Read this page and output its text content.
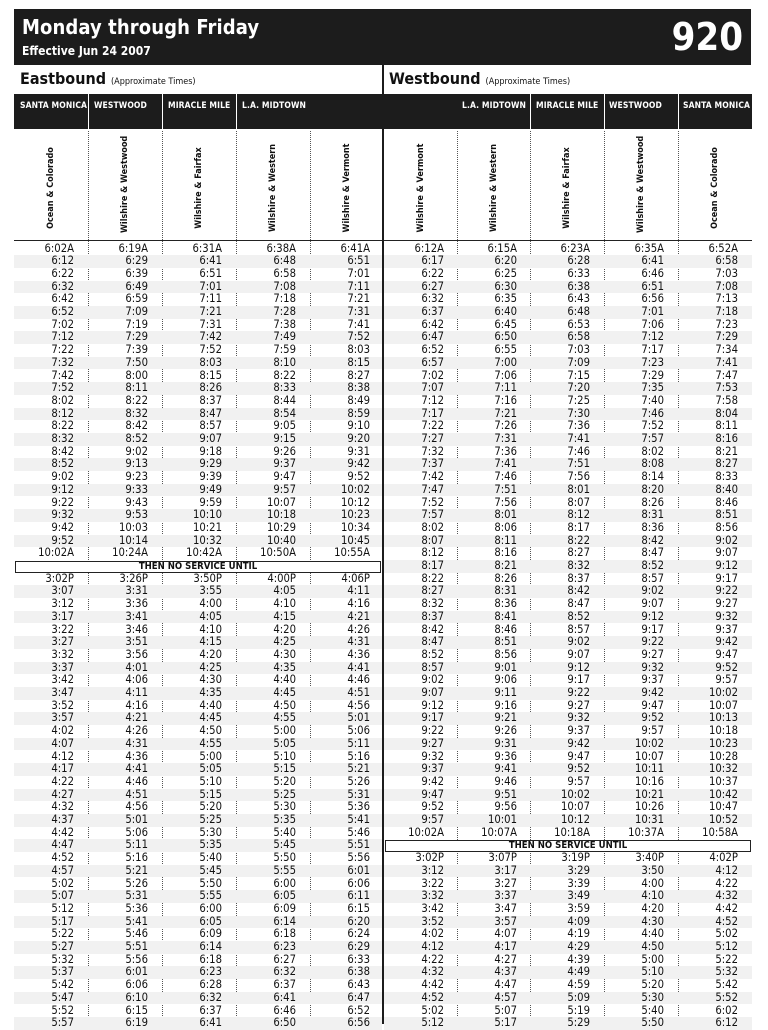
Monday through Friday
Effective Jun 24 2007	920
Eastbound (Approximate Times)	Westbound (Approximate Times)
SANTA MONICA WESTWOOD MIRACLE MILE L.A. MIDTOWN
Ocean & Colorado	Wilshire & Westwood	Wilshire & Fairfax	Wilshire & Western	Wilshire & Vermont
6:02A	6:19A	6:31A	6:38A	6:41A
6:12	6:29	6:41	6:48	6:51
6:22	6:39	6:51	6:58	7:01
6:32	6:49	7:01	7:08	7:11
6:42	6:59	7:11	7:18	7:21
6:52	7:09	7:21	7:28	7:31
7:02	7:19	7:31	7:38	7:41
7:12	7:29	7:42	7:49	7:52
7:22	7:39	7:52	7:59	8:03
7:32	7:50	8:03	8:10	8:15
7:42	8:00	8:15	8:22	8:27
7:52	8:11	8:26	8:33	8:38
8:02	8:22	8:37	8:44	8:49
8:12	8:32	8:47	8:54	8:59
8:22	8:42	8:57	9:05	9:10
8:32	8:52	9:07	9:15	9:20
8:42	9:02	9:18	9:26	9:31
8:52	9:13	9:29	9:37	9:42
9:02	9:23	9:39	9:47	9:52
9:12	9:33	9:49	9:57	10:02
9:22	9:43	9:59	10:07	10:12
9:32	9:53	10:10	10:18	10:23
9:42	10:03	10:21	10:29	10:34
9:52	10:14	10:32	10:40	10:45
10:02A	10:24A	10:42A	10:50A	10:55A
THEN NO SERVICE UNTIL
3:02P	3:26P	3:50P	4:00P	4:06P
3:07	3:31	3:55	4:05	4:11
3:12	3:36	4:00	4:10	4:16
3:17	3:41	4:05	4:15	4:21
3:22	3:46	4:10	4:20	4:26
3:27	3:51	4:15	4:25	4:31
3:32	3:56	4:20	4:30	4:36
3:37	4:01	4:25	4:35	4:41
3:42	4:06	4:30	4:40	4:46
3:47	4:11	4:35	4:45	4:51
3:52	4:16	4:40	4:50	4:56
3:57	4:21	4:45	4:55	5:01
4:02	4:26	4:50	5:00	5:06
4:07	4:31	4:55	5:05	5:11
4:12	4:36	5:00	5:10	5:16
4:17	4:41	5:05	5:15	5:21
4:22	4:46	5:10	5:20	5:26
4:27	4:51	5:15	5:25	5:31
4:32	4:56	5:20	5:30	5:36
4:37	5:01	5:25	5:35	5:41
4:42	5:06	5:30	5:40	5:46
4:47	5:11	5:35	5:45	5:51
4:52	5:16	5:40	5:50	5:56
4:57	5:21	5:45	5:55	6:01
5:02	5:26	5:50	6:00	6:06
5:07	5:31	5:55	6:05	6:11
5:12	5:36	6:00	6:09	6:15
5:17	5:41	6:05	6:14	6:20
5:22	5:46	6:09	6:18	6:24
5:27	5:51	6:14	6:23	6:29
5:32	5:56	6:18	6:27	6:33
5:37	6:01	6:23	6:32	6:38
5:42	6:06	6:28	6:37	6:43
5:47	6:10	6:32	6:41	6:47
5:52	6:15	6:37	6:46	6:52
5:57	6:19	6:41	6:50	6:56
L.A. MIDTOWN MIRACLE MILE WESTWOOD SANTA MONICA
Wilshire & Vermont	Wilshire & Western	Wilshire & Fairfax	Wilshire & Westwood	Ocean & Colorado
6:12A	6:15A	6:23A	6:35A	6:52A
6:17	6:20	6:28	6:41	6:58
6:22	6:25	6:33	6:46	7:03
6:27	6:30	6:38	6:51	7:08
6:32	6:35	6:43	6:56	7:13
6:37	6:40	6:48	7:01	7:18
6:42	6:45	6:53	7:06	7:23
6:47	6:50	6:58	7:12	7:29
6:52	6:55	7:03	7:17	7:34
6:57	7:00	7:09	7:23	7:41
7:02	7:06	7:15	7:29	7:47
7:07	7:11	7:20	7:35	7:53
7:12	7:16	7:25	7:40	7:58
7:17	7:21	7:30	7:46	8:04
7:22	7:26	7:36	7:52	8:11
7:27	7:31	7:41	7:57	8:16
7:32	7:36	7:46	8:02	8:21
7:37	7:41	7:51	8:08	8:27
7:42	7:46	7:56	8:14	8:33
7:47	7:51	8:01	8:20	8:40
7:52	7:56	8:07	8:26	8:46
7:57	8:01	8:12	8:31	8:51
8:02	8:06	8:17	8:36	8:56
8:07	8:11	8:22	8:42	9:02
8:12	8:16	8:27	8:47	9:07
8:17	8:21	8:32	8:52	9:12
8:22	8:26	8:37	8:57	9:17
8:27	8:31	8:42	9:02	9:22
8:32	8:36	8:47	9:07	9:27
8:37	8:41	8:52	9:12	9:32
8:42	8:46	8:57	9:17	9:37
8:47	8:51	9:02	9:22	9:42
8:52	8:56	9:07	9:27	9:47
8:57	9:01	9:12	9:32	9:52
9:02	9:06	9:17	9:37	9:57
9:07	9:11	9:22	9:42	10:02
9:12	9:16	9:27	9:47	10:07
9:17	9:21	9:32	9:52	10:13
9:22	9:26	9:37	9:57	10:18
9:27	9:31	9:42	10:02	10:23
9:32	9:36	9:47	10:07	10:28
9:37	9:41	9:52	10:11	10:32
9:42	9:46	9:57	10:16	10:37
9:47	9:51	10:02	10:21	10:42
9:52	9:56	10:07	10:26	10:47
9:57	10:01	10:12	10:31	10:52
10:02A	10:07A	10:18A	10:37A	10:58A
THEN NO SERVICE UNTIL
3:02P	3:07P	3:19P	3:40P	4:02P
3:12	3:17	3:29	3:50	4:12
3:22	3:27	3:39	4:00	4:22
3:32	3:37	3:49	4:10	4:32
3:42	3:47	3:59	4:20	4:42
3:52	3:57	4:09	4:30	4:52
4:02	4:07	4:19	4:40	5:02
4:12	4:17	4:29	4:50	5:12
4:22	4:27	4:39	5:00	5:22
4:32	4:37	4:49	5:10	5:32
4:42	4:47	4:59	5:20	5:42
4:52	4:57	5:09	5:30	5:52
5:02	5:07	5:19	5:40	6:02
5:12	5:17	5:29	5:50	6:12
